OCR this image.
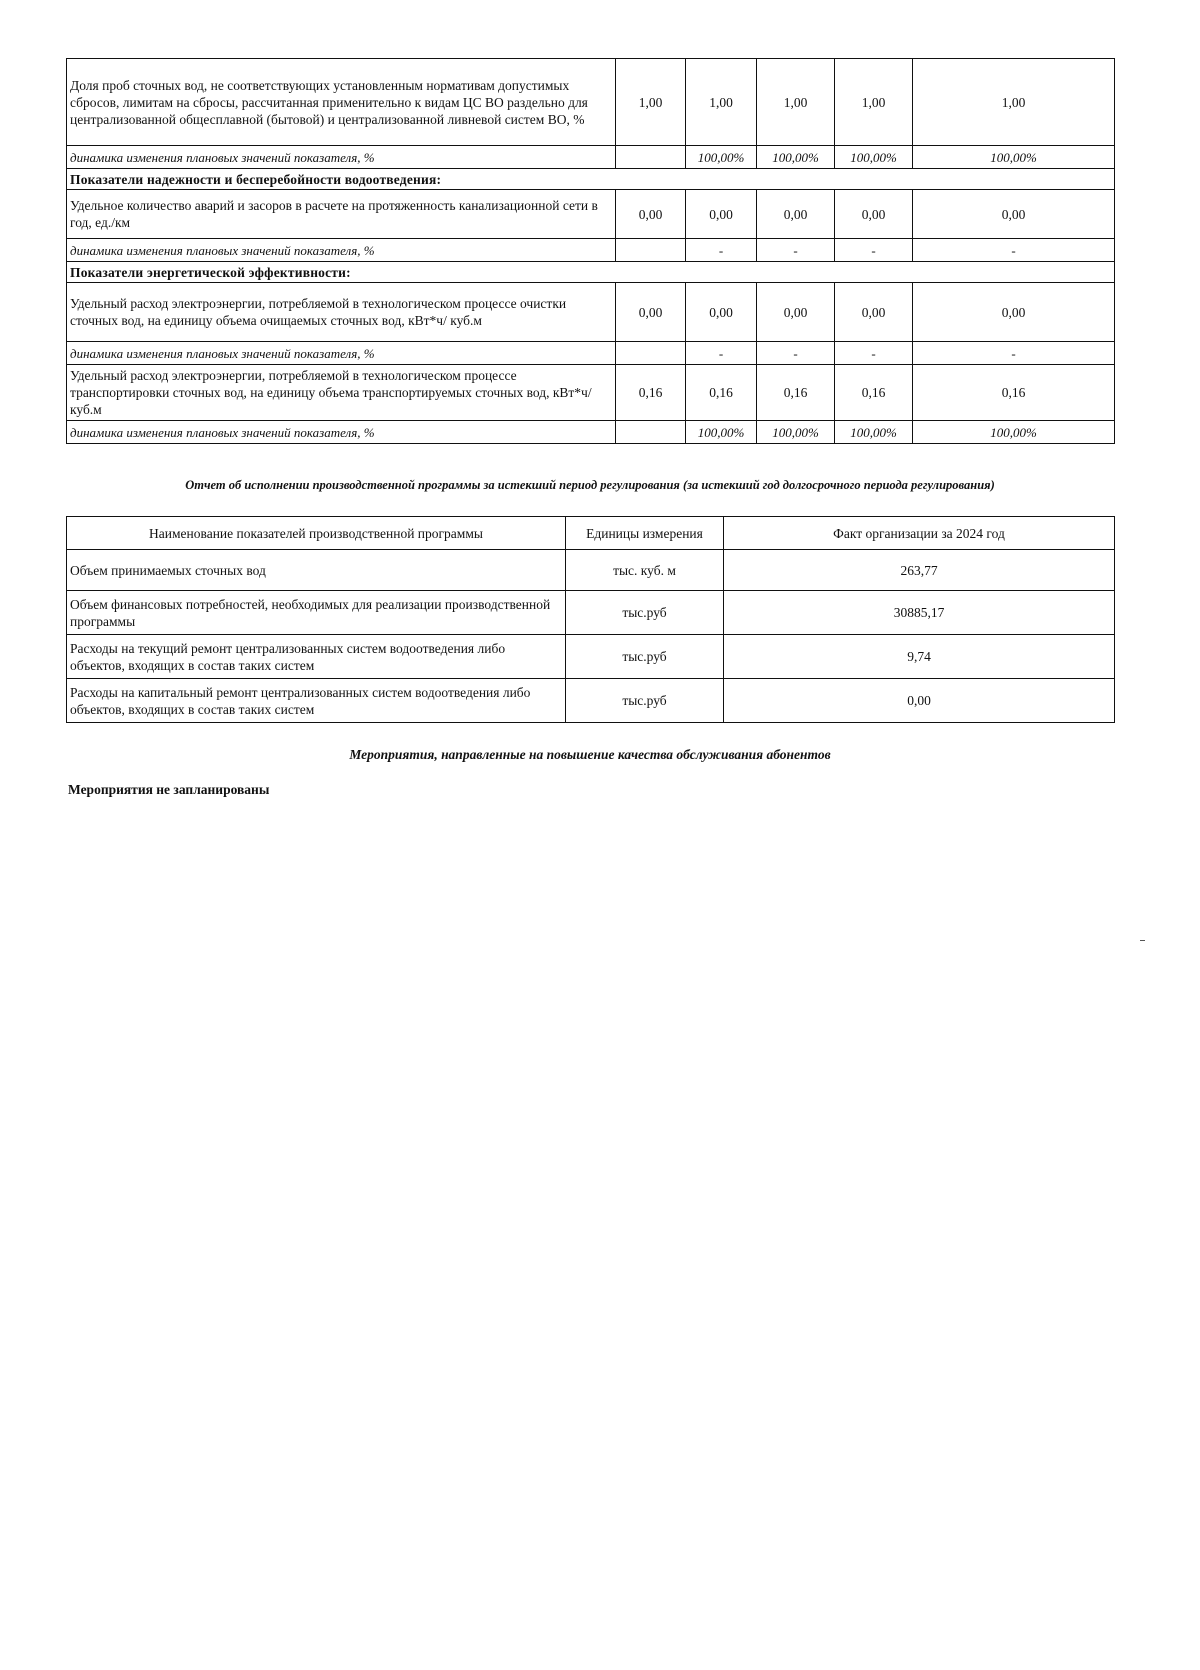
Доля проб сточных вод, не соответствующих установленным нормативам допустимых сбросов, лимитам на сбросы, рассчитанная применительно к видам ЦС ВО раздельно для централизованной общесплавной (бытовой) и централизованной ливневой систем ВО, %	1,00	1,00	1,00	1,00	1,00
динамика изменения плановых значений показателя, %		100,00%	100,00%	100,00%	100,00%
Показатели надежности и бесперебойности водоотведения:					
Удельное количество аварий и засоров в расчете на протяженность канализационной сети в год, ед./км	0,00	0,00	0,00	0,00	0,00
динамика изменения плановых значений показателя, %		-	-	-	-
Показатели энергетической эффективности:					
Удельный расход электроэнергии, потребляемой в технологическом процессе очистки сточных вод, на единицу объема очищаемых сточных вод, кВт*ч/ куб.м	0,00	0,00	0,00	0,00	0,00
динамика изменения плановых значений показателя, %		-	-	-	-
Удельный расход электроэнергии, потребляемой в технологическом процессе транспортировки сточных вод, на единицу объема транспортируемых сточных вод, кВт*ч/ куб.м	0,16	0,16	0,16	0,16	0,16
динамика изменения плановых значений показателя, %		100,00%	100,00%	100,00%	100,00%
Отчет об исполнении производственной программы за истекший период регулирования (за истекший год долгосрочного периода регулирования)
Наименование показателей производственной программы	Единицы измерения	Факт организации за 2024 год
Объем принимаемых сточных вод	тыс. куб. м	263,77
Объем финансовых потребностей, необходимых для реализации производственной программы	тыс.руб	30885,17
Расходы на текущий ремонт централизованных систем водоотведения либо объектов, входящих в состав таких систем	тыс.руб	9,74
Расходы на капитальный ремонт централизованных систем водоотведения либо объектов, входящих в состав таких систем	тыс.руб	0,00
Мероприятия, направленные на повышение качества обслуживания абонентов
Мероприятия не запланированы
